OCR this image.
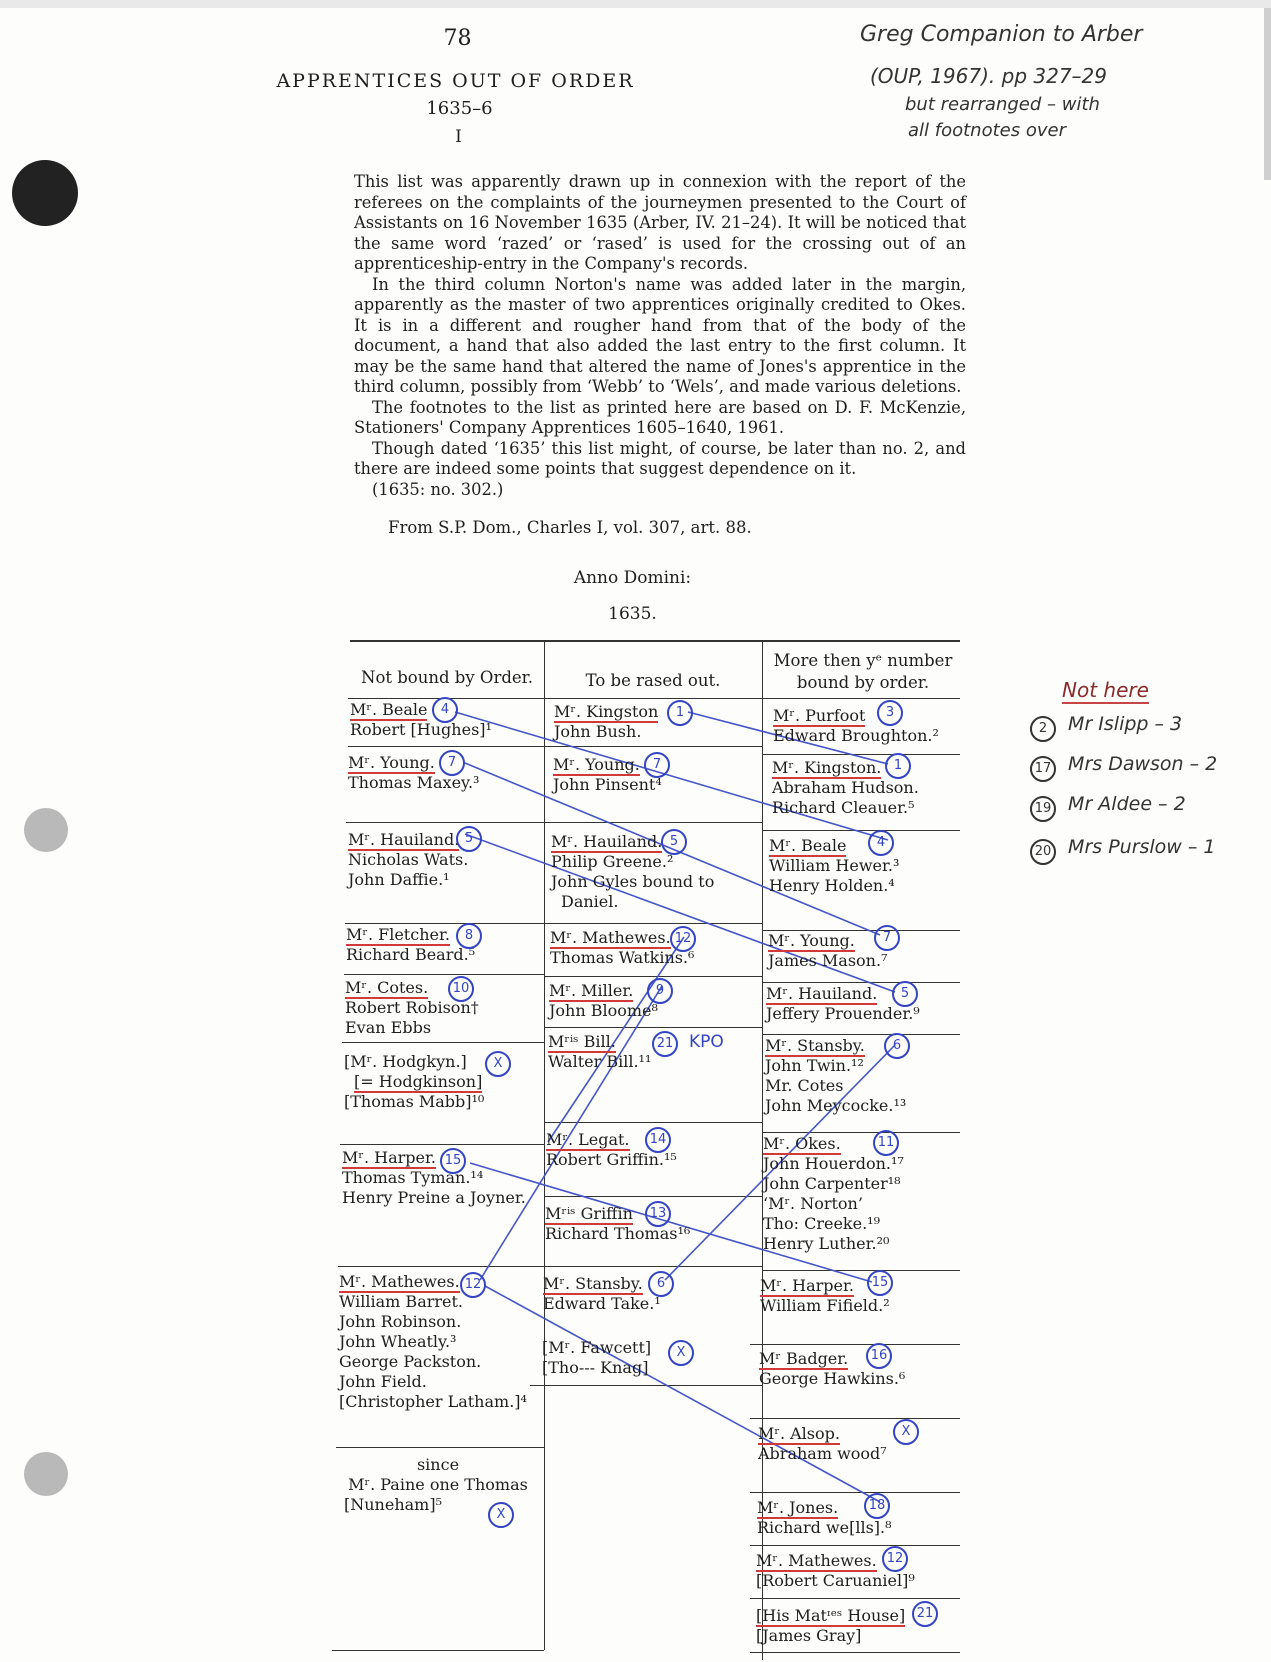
78
APPRENTICES OUT OF ORDER
1635–6
I
Greg Companion to Arber
(OUP, 1967). pp 327–29
but rearranged – with
all footnotes over

This list was apparently drawn up in connexion with the report of the referees on the complaints of the journeymen presented to the Court of Assistants on 16 November 1635 (Arber, IV. 21–24). It will be noticed that the same word ‘razed’ or ‘rased’ is used for the crossing out of an apprenticeship-entry in the Company's records.

In the third column Norton's name was added later in the margin, apparently as the master of two apprentices originally credited to Okes. It is in a different and rougher hand from that of the body of the document, a hand that also added the last entry to the first column. It may be the same hand that altered the name of Jones's apprentice in the third column, possibly from ‘Webb’ to ‘Wels’, and made various deletions.

The footnotes to the list as printed here are based on D. F. McKenzie, Stationers' Company Apprentices 1605–1640, 1961.

Though dated ‘1635’ this list might, of course, be later than no. 2, and there are indeed some points that suggest dependence on it.

(1635: no. 302.)

From S.P. Dom., Charles I, vol. 307, art. 88.
Anno Domini:
1635.
Not bound by Order.	To be rased out.
More then yᵉ number
bound by order.
Mʳ. Beale
Robert [Hughes]¹
Mʳ. Young.
Thomas Maxey.³
Mʳ. Hauiland.
Nicholas Wats.
John Daffie.¹
Mʳ. Fletcher.
Richard Beard.⁵
Mʳ. Cotes.
Robert Robison†
Evan Ebbs
[Mʳ. Hodgkyn.]
[= Hodgkinson]
[Thomas Mabb]¹⁰
Mʳ. Harper.
Thomas Tyman.¹⁴
Henry Preine a Joyner.
Mʳ. Mathewes.
William Barret.
John Robinson.
John Wheatly.³
George Packston.
John Field.
[Christopher Latham.]⁴
since
Mʳ. Paine one Thomas
[Nuneham]⁵
Mʳ. Kingston
John Bush.
Mʳ. Young.
John Pinsent⁴
Mʳ. Hauiland.
Philip Greene.²
John Gyles bound to
Daniel.
Mʳ. Mathewes.
Thomas Watkins.⁶
Mʳ. Miller.
John Bloome⁸
Mʳⁱˢ Bill.
Walter Bill.¹¹
Mʳ. Legat.
Robert Griffin.¹⁵
Mʳⁱˢ Griffin
Richard Thomas¹⁶
Mʳ. Stansby.
Edward Take.¹
[Mʳ. Fawcett]
[Tho--- Knag]
Mʳ. Purfoot
Edward Broughton.²
Mʳ. Kingston.
Abraham Hudson.
Richard Cleauer.⁵
Mʳ. Beale
William Hewer.³
Henry Holden.⁴
Mʳ. Young.
James Mason.⁷
Mʳ. Hauiland.
Jeffery Prouender.⁹
Mʳ. Stansby.
John Twin.¹²
Mr. Cotes
John Meycocke.¹³
Mʳ. Okes.
John Houerdon.¹⁷
John Carpenter¹⁸
‘Mʳ. Norton’
Tho: Creeke.¹⁹
Henry Luther.²⁰
Mʳ. Harper.
William Fifield.²
Mʳ Badger.
George Hawkins.⁶
Mʳ. Alsop.
Abraham wood⁷
Mʳ. Jones.
Richard we[lls].⁸
Mʳ. Mathewes.
[Robert Caruaniel]⁹
[His Matᶦᵉˢ House]
[James Gray]
4
7
5
8
10
X
15
12
X
1
7
5
12
9
21 KPO
14
13
6
X
3
1
4
7
5
6
11
15
16
X
18
12
21
Not here
2 Mr Islipp – 3
17 Mrs Dawson – 2
19 Mr Aldee – 2
20 Mrs Purslow – 1
